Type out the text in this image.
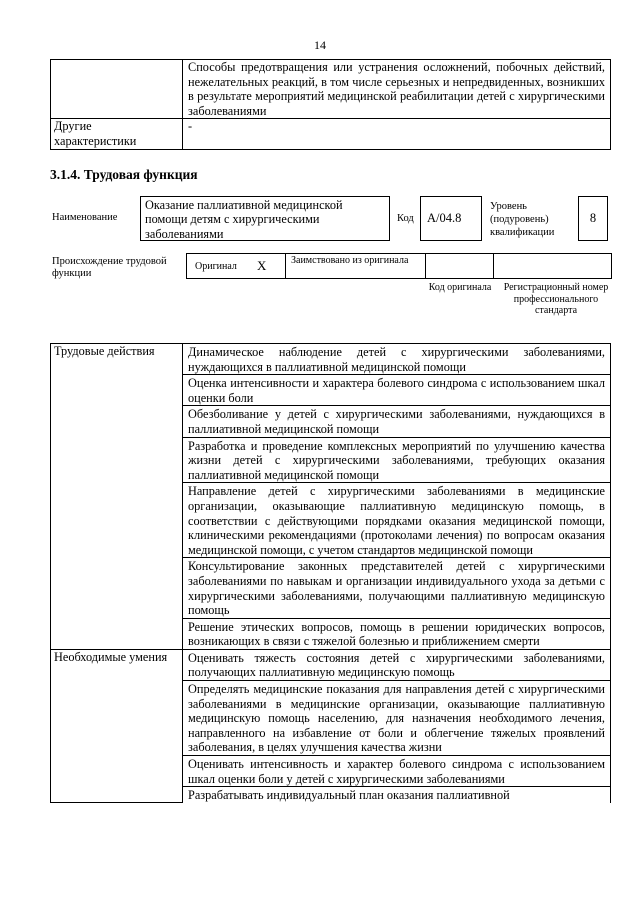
14
	Способы предотвращения или устранения осложнений, побочных действий, нежелательных реакций, в том числе серьезных и непредвиденных, возникших в результате мероприятий медицинской реабилитации детей с хирургическими заболеваниями
Другие характеристики	-
3.1.4. Трудовая функция
Наименование
Оказание паллиативной медицинской помощи детям с хирургическими заболеваниями
Код	A/04.8
Уровень (подуровень) квалификации
8
Происхождение трудовой функции
Оригинал X Заимствовано из оригинала
Код оригинала	Регистрационный номер профессионального стандарта
Трудовые действия	Динамическое наблюдение детей с хирургическими заболеваниями, нуждающихся в паллиативной медицинской помощи
	Оценка интенсивности и характера болевого синдрома с использованием шкал оценки боли
	Обезболивание у детей с хирургическими заболеваниями, нуждающихся в паллиативной медицинской помощи
	Разработка и проведение комплексных мероприятий по улучшению качества жизни детей с хирургическими заболеваниями, требующих оказания паллиативной медицинской помощи
	Направление детей с хирургическими заболеваниями в медицинские организации, оказывающие паллиативную медицинскую помощь, в соответствии с действующими порядками оказания медицинской помощи, клиническими рекомендациями (протоколами лечения) по вопросам оказания медицинской помощи, с учетом стандартов медицинской помощи
	Консультирование законных представителей детей с хирургическими заболеваниями по навыкам и организации индивидуального ухода за детьми с хирургическими заболеваниями, получающими паллиативную медицинскую помощь
	Решение этических вопросов, помощь в решении юридических вопросов, возникающих в связи с тяжелой болезнью и приближением смерти
Необходимые умения	Оценивать тяжесть состояния детей с хирургическими заболеваниями, получающих паллиативную медицинскую помощь
	Определять медицинские показания для направления детей с хирургическими заболеваниями в медицинские организации, оказывающие паллиативную медицинскую помощь населению, для назначения необходимого лечения, направленного на избавление от боли и облегчение тяжелых проявлений заболевания, в целях улучшения качества жизни
	Оценивать интенсивность и характер болевого синдрома с использованием шкал оценки боли у детей с хирургическими заболеваниями
	Разрабатывать индивидуальный план оказания паллиативной
